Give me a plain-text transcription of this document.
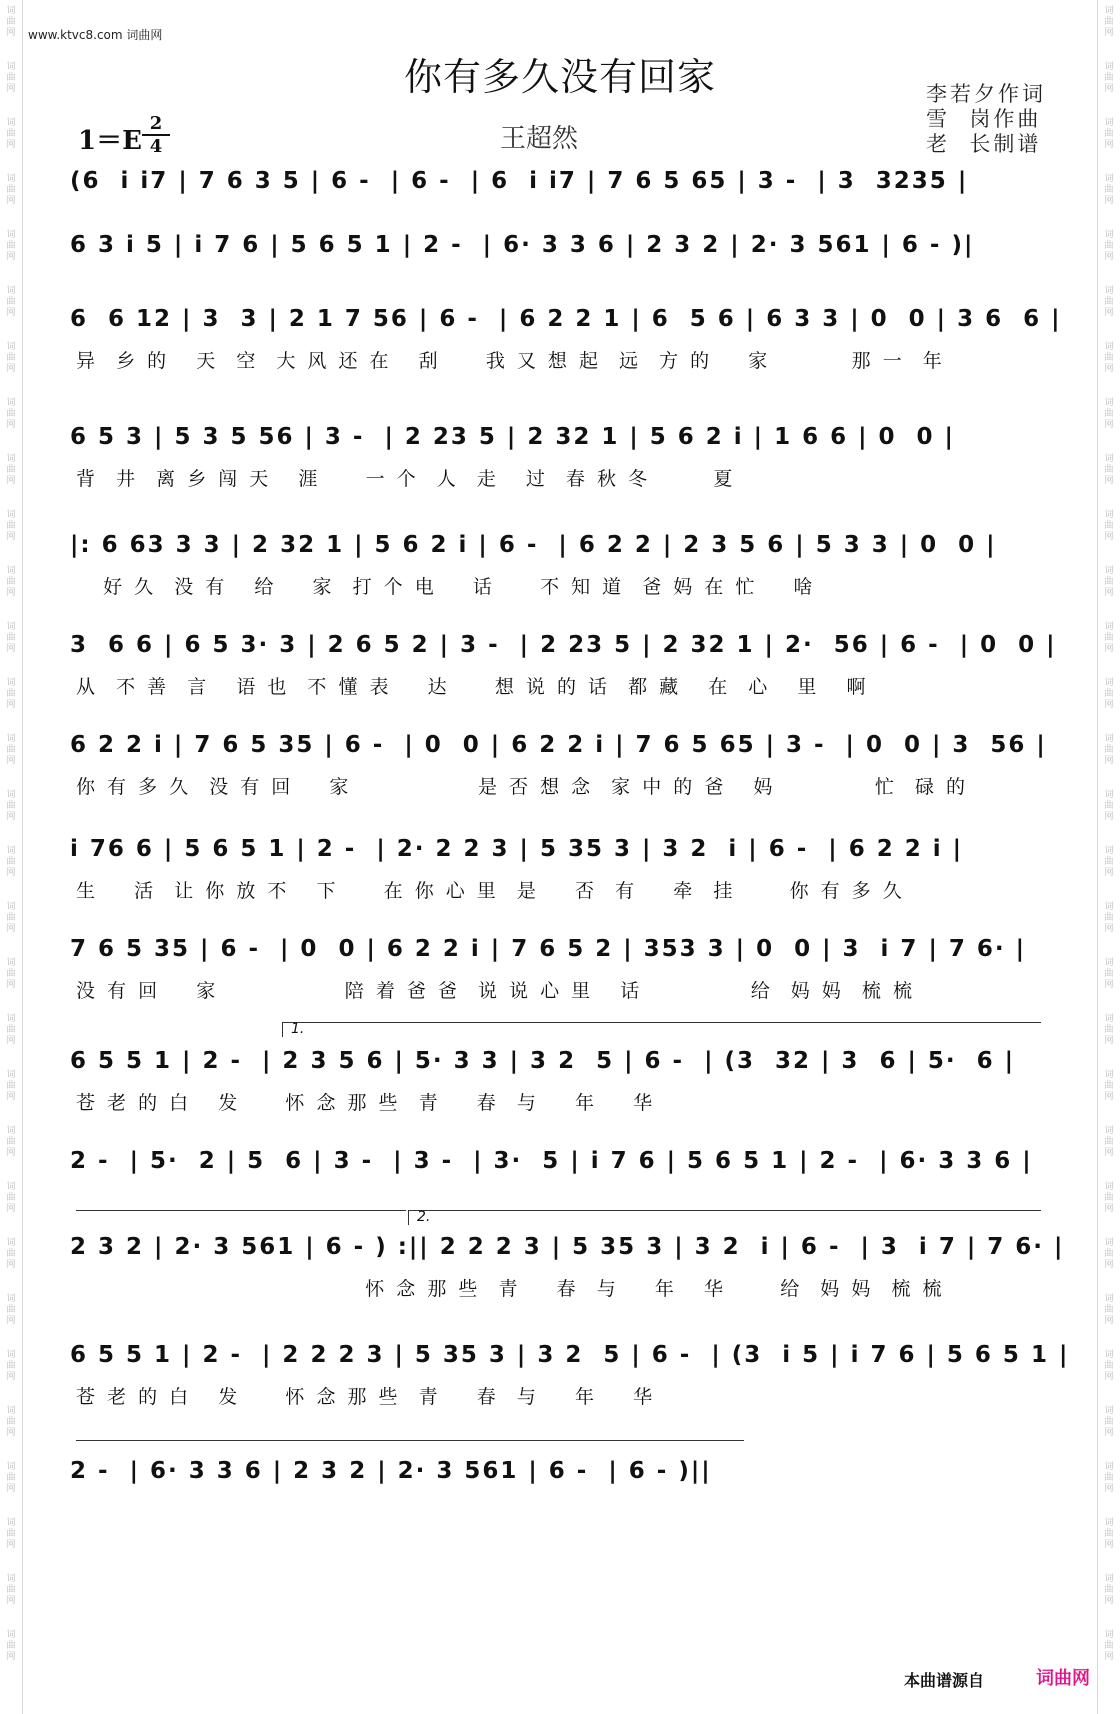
词
曲
网
词
曲
网
词
曲
网
词
曲
网
词
曲
网
词
曲
网
词
曲
网
词
曲
网
词
曲
网
词
曲
网
词
曲
网
词
曲
网
词
曲
网
词
曲
网
词
曲
网
词
曲
网
词
曲
网
词
曲
网
词
曲
网
词
曲
网
词
曲
网
词
曲
网
词
曲
网
词
曲
网
词
曲
网
词
曲
网
词
曲
网
词
曲
网
词
曲
网
词
曲
网
词
曲
网
词
曲
网
词
曲
网
词
曲
网
词
曲
网
词
曲
网
词
曲
网
词
曲
网
词
曲
网
词
曲
网
词
曲
网
词
曲
网
词
曲
网
词
曲
网
词
曲
网
词
曲
网
词
曲
网
词
曲
网
词
曲
网
词
曲
网
词
曲
网
词
曲
网
词
曲
网
词
曲
网
词
曲
网
词
曲
网
词
曲
网
词
曲
网
词
曲
网
词
曲
网
www.ktvc8.com 词曲网
你有多久没有回家
1＝E
2
4	王超然
李若夕作词
雪  岗作曲
老  长制谱
(6  i i7 | 7 6 3 5 | 6 -  | 6 -  | 6  i i7 | 7 6 5 65 | 3 -  | 3  3235 |
6 3 i 5 | i 7 6 | 5 6 5 1 | 2 -  | 6· 3 3 6 | 2 3 2 | 2· 3 561 | 6 - )|
6  6 12 | 3  3 | 2 1 7 56 | 6 -  | 6 2 2 1 | 6  5 6 | 6 3 3 | 0  0 | 3 6  6 |
异  乡 的   天  空  大 风 还 在   刮     我 又 想 起  远  方 的    家         那 一  年
6 5 3 | 5 3 5 56 | 3 -  | 2 23 5 | 2 32 1 | 5 6 2 i | 1 6 6 | 0  0 |
背  井  离 乡 闯 天   涯     一 个  人  走   过  春 秋 冬       夏
|: 6 63 3 3 | 2 32 1 | 5 6 2 i | 6 -  | 6 2 2 | 2 3 5 6 | 5 3 3 | 0  0 |
好 久  没 有   给    家  打 个 电    话     不 知 道  爸 妈 在 忙    啥
3  6 6 | 6 5 3· 3 | 2 6 5 2 | 3 -  | 2 23 5 | 2 32 1 | 2·  56 | 6 -  | 0  0 |
从  不 善  言   语 也  不 懂 表    达     想 说 的 话  都 藏   在  心   里   啊
6 2 2 i | 7 6 5 35 | 6 -  | 0  0 | 6 2 2 i | 7 6 5 65 | 3 -  | 0  0 | 3  56 |
你 有 多 久  没 有 回    家              是 否 想 念  家 中 的 爸   妈           忙  碌 的
i 76 6 | 5 6 5 1 | 2 -  | 2· 2 2 3 | 5 35 3 | 3 2  i | 6 -  | 6 2 2 i |
生    活  让 你 放 不   下     在 你 心 里  是    否  有    牵  挂      你 有 多 久
7 6 5 35 | 6 -  | 0  0 | 6 2 2 i | 7 6 5 2 | 353 3 | 0  0 | 3  i 7 | 7 6· |
没 有 回    家              陪 着 爸 爸  说 说 心 里   话            给  妈 妈  梳 梳
1.
6 5 5 1 | 2 -  | 2 3 5 6 | 5· 3 3 | 3 2  5 | 6 -  | (3  32 | 3  6 | 5·  6 |
苍 老 的 白   发     怀 念 那 些  青    春  与    年    华
2 -  | 5·  2 | 5  6 | 3 -  | 3 -  | 3·  5 | i 7 6 | 5 6 5 1 | 2 -  | 6· 3 3 6 |
2.
2 3 2 | 2· 3 561 | 6 - ) :|| 2 2 2 3 | 5 35 3 | 3 2  i | 6 -  | 3  i 7 | 7 6· |
怀 念 那 些  青    春  与    年   华      给  妈 妈  梳 梳
6 5 5 1 | 2 -  | 2 2 2 3 | 5 35 3 | 3 2  5 | 6 -  | (3  i 5 | i 7 6 | 5 6 5 1 |
苍 老 的 白   发     怀 念 那 些  青    春  与    年    华
2 -  | 6· 3 3 6 | 2 3 2 | 2· 3 561 | 6 -  | 6 - )||
本曲谱源自	词曲网
